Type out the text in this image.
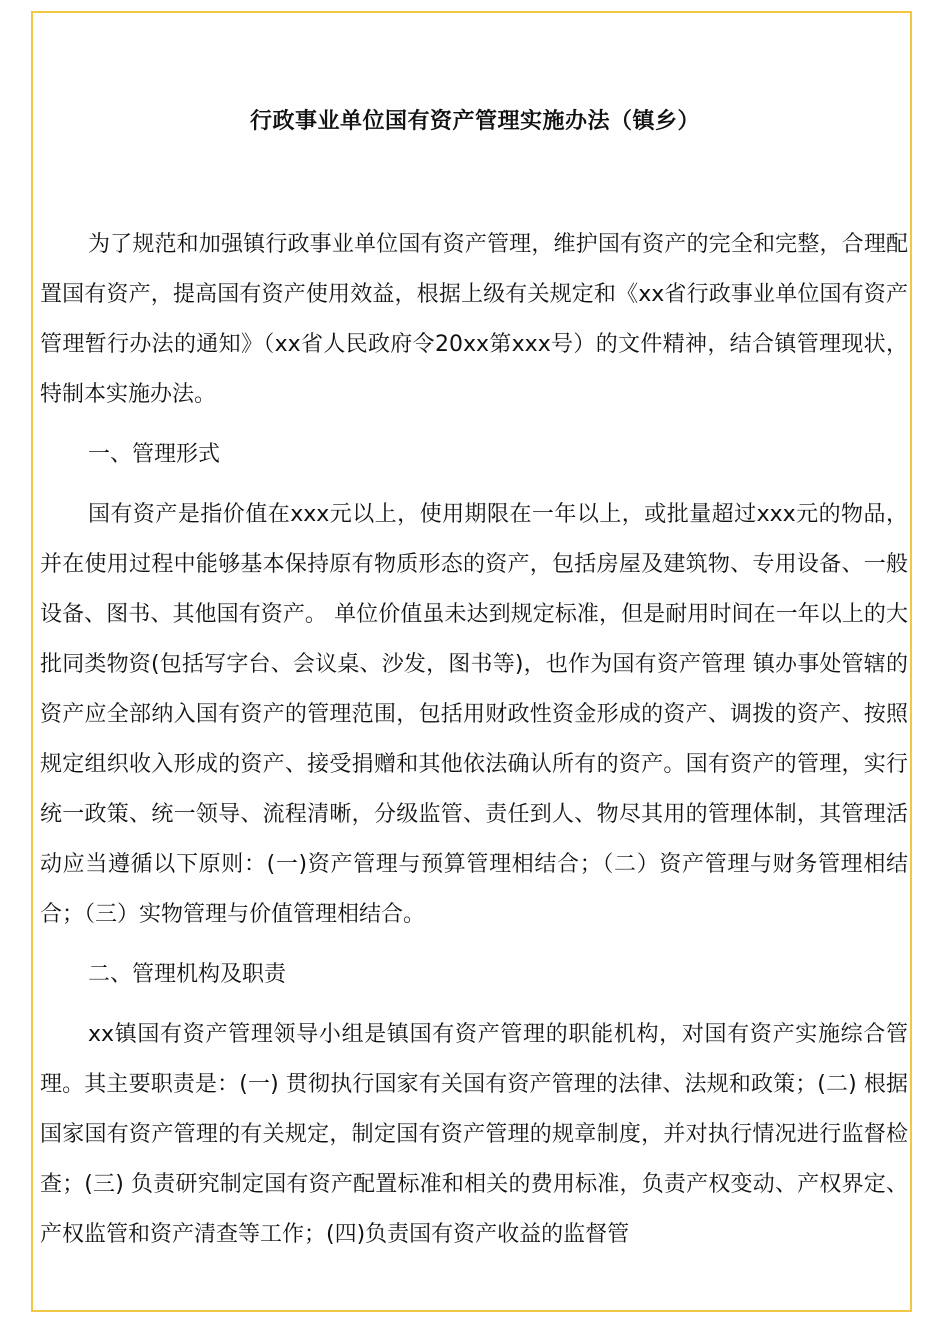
行政事业单位国有资产管理实施办法（镇乡）

为了规范和加强镇行政事业单位国有资产管理，维护国有资产的完全和完整，合理配置国有资产，提高国有资产使用效益，根据上级有关规定和《xx省行政事业单位国有资产管理暂行办法的通知》（xx省人民政府令20xx第xxx号）的文件精神，结合镇管理现状，特制本实施办法。

一、管理形式

国有资产是指价值在xxx元以上，使用期限在一年以上，或批量超过xxx元的物品，并在使用过程中能够基本保持原有物质形态的资产，包括房屋及建筑物、专用设备、一般设备、图书、其他国有资产。 单位价值虽未达到规定标准，但是耐用时间在一年以上的大批同类物资(包括写字台、会议桌、沙发，图书等)，也作为国有资产管理 镇办事处管辖的资产应全部纳入国有资产的管理范围，包括用财政性资金形成的资产、调拨的资产、按照规定组织收入形成的资产、接受捐赠和其他依法确认所有的资产。国有资产的管理，实行统一政策、统一领导、流程清晰，分级监管、责任到人、物尽其用的管理体制，其管理活动应当遵循以下原则：(一)资产管理与预算管理相结合；（二）资产管理与财务管理相结合；（三）实物管理与价值管理相结合。

二、管理机构及职责

xx镇国有资产管理领导小组是镇国有资产管理的职能机构，对国有资产实施综合管理。其主要职责是：(一) 贯彻执行国家有关国有资产管理的法律、法规和政策；(二) 根据国家国有资产管理的有关规定，制定国有资产管理的规章制度，并对执行情况进行监督检查；(三) 负责研究制定国有资产配置标准和相关的费用标准，负责产权变动、产权界定、产权监管和资产清查等工作；(四)负责国有资产收益的监督管
